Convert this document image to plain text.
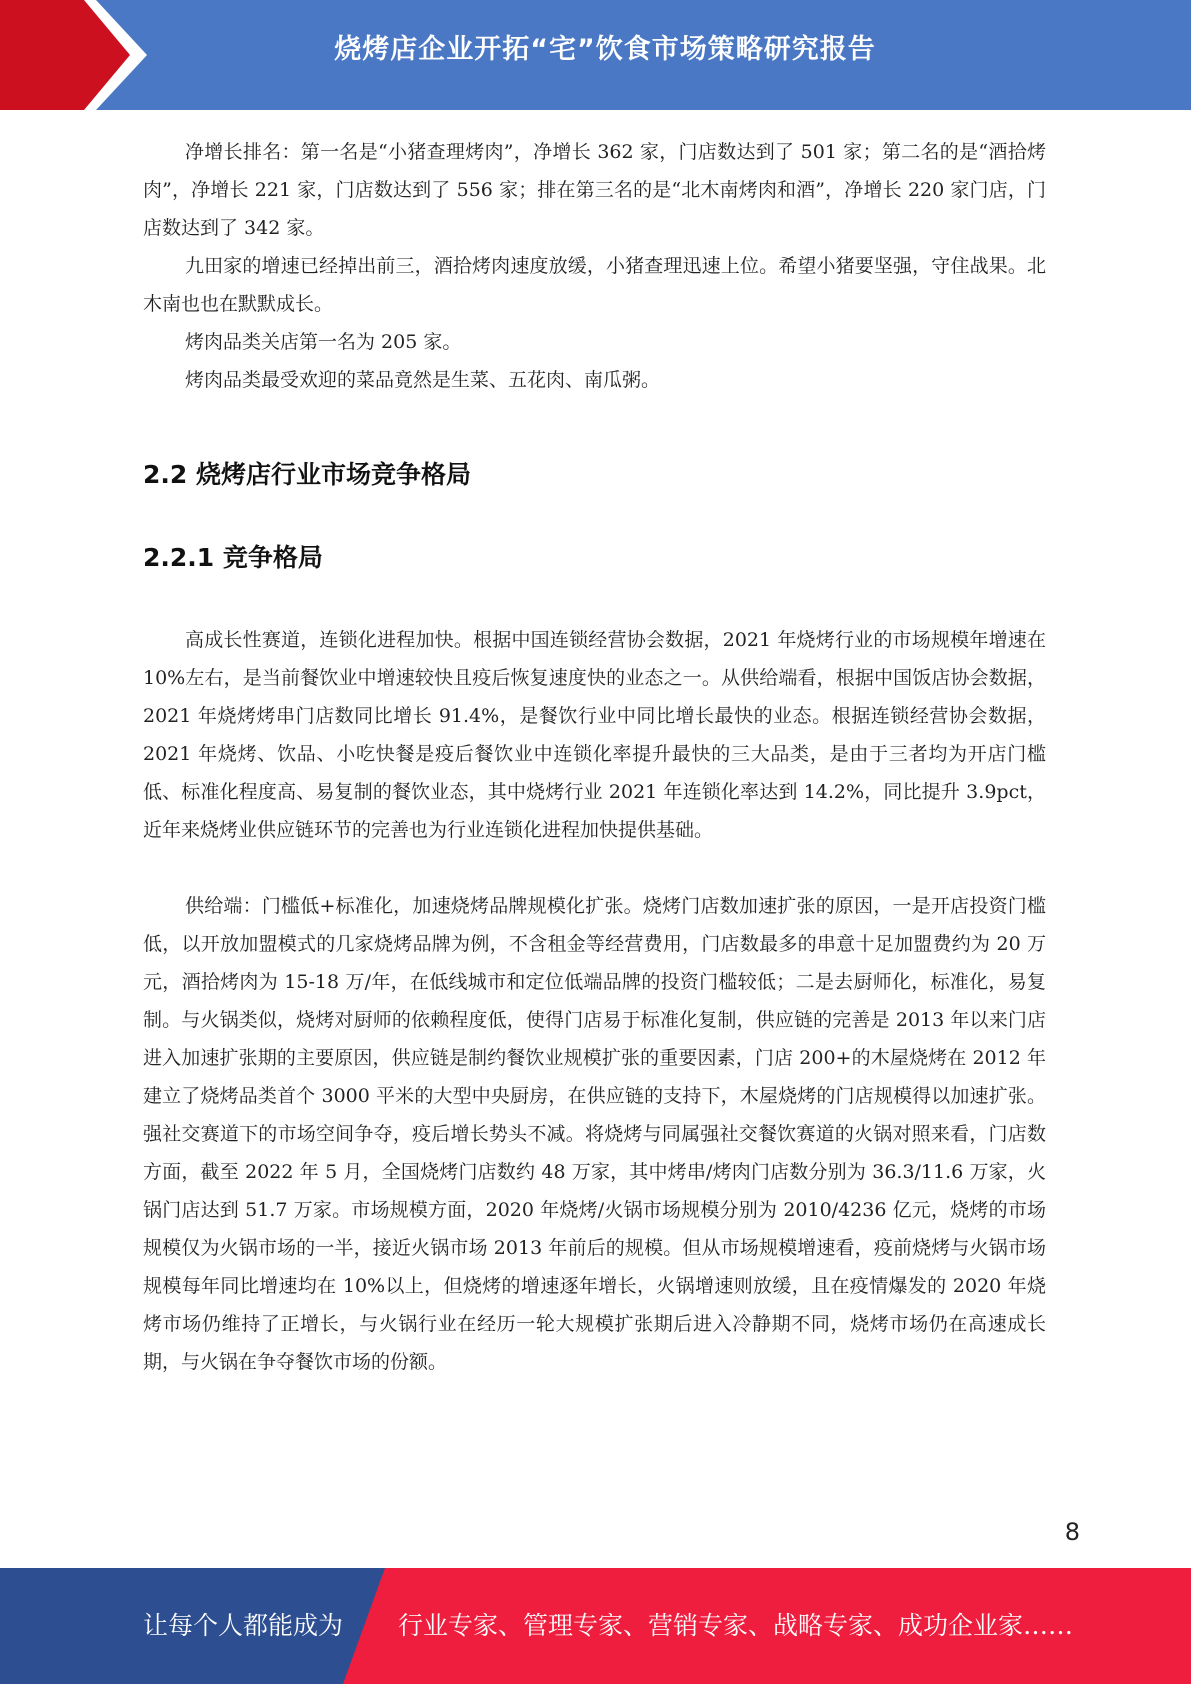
烧烤店企业开拓“宅”饮食市场策略研究报告

净增长排名：第一名是“小猪查理烤肉”，净增长 362 家，门店数达到了 501 家；第二名的是“酒拾烤肉”，净增长 221 家，门店数达到了 556 家；排在第三名的是“北木南烤肉和酒”，净增长 220 家门店，门店数达到了 342 家。

九田家的增速已经掉出前三，酒拾烤肉速度放缓，小猪查理迅速上位。希望小猪要坚强，守住战果。北木南也也在默默成长。

烤肉品类关店第一名为 205 家。

烤肉品类最受欢迎的菜品竟然是生菜、五花肉、南瓜粥。

2.2 烧烤店行业市场竞争格局
2.2.1 竞争格局

高成长性赛道，连锁化进程加快。根据中国连锁经营协会数据，2021 年烧烤行业的市场规模年增速在 10%左右，是当前餐饮业中增速较快且疫后恢复速度快的业态之一。从供给端看，根据中国饭店协会数据，2021 年烧烤烤串门店数同比增长 91.4%，是餐饮行业中同比增长最快的业态。根据连锁经营协会数据，2021 年烧烤、饮品、小吃快餐是疫后餐饮业中连锁化率提升最快的三大品类，是由于三者均为开店门槛低、标准化程度高、易复制的餐饮业态，其中烧烤行业 2021 年连锁化率达到 14.2%，同比提升 3.9pct，近年来烧烤业供应链环节的完善也为行业连锁化进程加快提供基础。

供给端：门槛低+标准化，加速烧烤品牌规模化扩张。烧烤门店数加速扩张的原因，一是开店投资门槛低，以开放加盟模式的几家烧烤品牌为例，不含租金等经营费用，门店数最多的串意十足加盟费约为 20 万元，酒拾烤肉为 15-18 万/年，在低线城市和定位低端品牌的投资门槛较低；二是去厨师化，标准化，易复制。与火锅类似，烧烤对厨师的依赖程度低，使得门店易于标准化复制，供应链的完善是 2013 年以来门店进入加速扩张期的主要原因，供应链是制约餐饮业规模扩张的重要因素，门店 200+的木屋烧烤在 2012 年建立了烧烤品类首个 3000 平米的大型中央厨房，在供应链的支持下，木屋烧烤的门店规模得以加速扩张。强社交赛道下的市场空间争夺，疫后增长势头不减。将烧烤与同属强社交餐饮赛道的火锅对照来看，门店数方面，截至 2022 年 5 月，全国烧烤门店数约 48 万家，其中烤串/烤肉门店数分别为 36.3/11.6 万家，火锅门店达到 51.7 万家。市场规模方面，2020 年烧烤/火锅市场规模分别为 2010/4236 亿元，烧烤的市场规模仅为火锅市场的一半，接近火锅市场 2013 年前后的规模。但从市场规模增速看，疫前烧烤与火锅市场规模每年同比增速均在 10%以上，但烧烤的增速逐年增长，火锅增速则放缓，且在疫情爆发的 2020 年烧烤市场仍维持了正增长，与火锅行业在经历一轮大规模扩张期后进入冷静期不同，烧烤市场仍在高速成长期，与火锅在争夺餐饮市场的份额。

8
让每个人都能成为 行业专家、管理专家、营销专家、战略专家、成功企业家……
